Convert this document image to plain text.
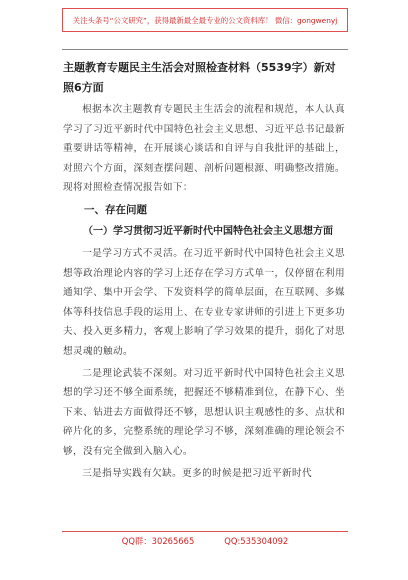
关注头条号“公文研究”，获得最新最全最专业的公文资料库！ 微信：gongwenyj

主题教育专题民主生活会对照检查材料（5539字）新对照6方面

根据本次主题教育专题民主生活会的流程和规范，本人认真学习了习近平新时代中国特色社会主义思想、习近平总书记最新重要讲话等精神，在开展谈心谈话和自评与自我批评的基础上，对照六个方面，深刻查摆问题、剖析问题根源、明确整改措施。现将对照检查情况报告如下：

一、存在问题

（一）学习贯彻习近平新时代中国特色社会主义思想方面

一是学习方式不灵活。在习近平新时代中国特色社会主义思想等政治理论内容的学习上还存在学习方式单一，仅停留在利用通知学、集中开会学、下发资料学的简单层面，在互联网、多媒体等科技信息手段的运用上、在专业专家讲师的引进上下更多功夫、投入更多精力，客观上影响了学习效果的提升，弱化了对思想灵魂的触动。

二是理论武装不深刻。对习近平新时代中国特色社会主义思想的学习还不够全面系统，把握还不够精准到位，在静下心、坐下来、钻进去方面做得还不够，思想认识主观感性的多、点状和碎片化的多，完整系统的理论学习不够，深刻准确的理论领会不够，没有完全做到入脑入心。

三是指导实践有欠缺。更多的时候是把习近平新时代

QQ群：30265665	QQ:535304092
